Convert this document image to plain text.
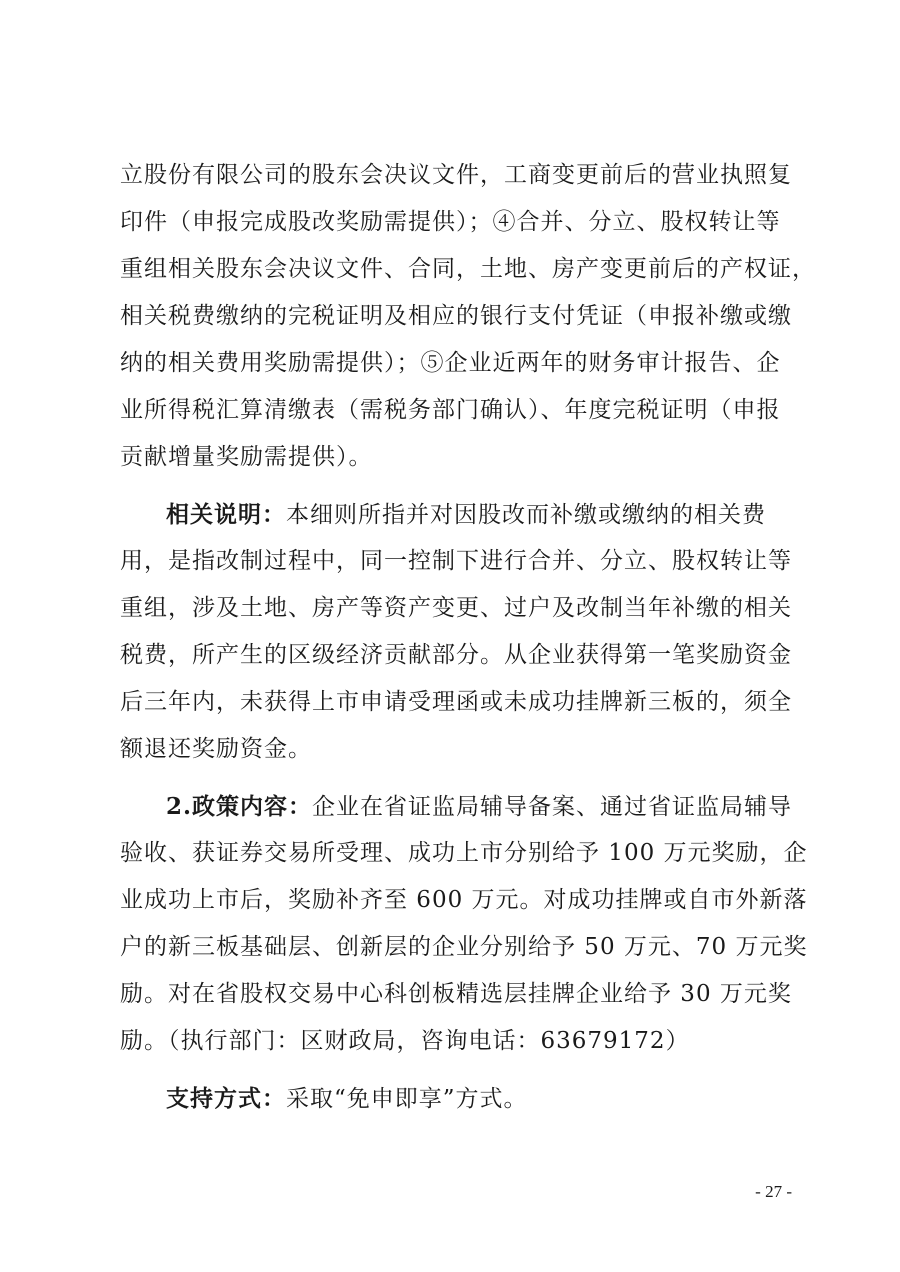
立股份有限公司的股东会决议文件，工商变更前后的营业执照复
印件（申报完成股改奖励需提供）；④合并、分立、股权转让等
重组相关股东会决议文件、合同，土地、房产变更前后的产权证，
相关税费缴纳的完税证明及相应的银行支付凭证（申报补缴或缴
纳的相关费用奖励需提供）；⑤企业近两年的财务审计报告、企
业所得税汇算清缴表（需税务部门确认）、年度完税证明（申报
贡献增量奖励需提供）。
相关说明：本细则所指并对因股改而补缴或缴纳的相关费
用，是指改制过程中，同一控制下进行合并、分立、股权转让等
重组，涉及土地、房产等资产变更、过户及改制当年补缴的相关
税费，所产生的区级经济贡献部分。从企业获得第一笔奖励资金
后三年内，未获得上市申请受理函或未成功挂牌新三板的，须全
额退还奖励资金。
2.政策内容：企业在省证监局辅导备案、通过省证监局辅导
验收、获证券交易所受理、成功上市分别给予 100 万元奖励，企
业成功上市后，奖励补齐至 600 万元。对成功挂牌或自市外新落
户的新三板基础层、创新层的企业分别给予 50 万元、70 万元奖
励。对在省股权交易中心科创板精选层挂牌企业给予 30 万元奖
励。（执行部门：区财政局，咨询电话：63679172）
支持方式：采取“免申即享”方式。
- 27 -
